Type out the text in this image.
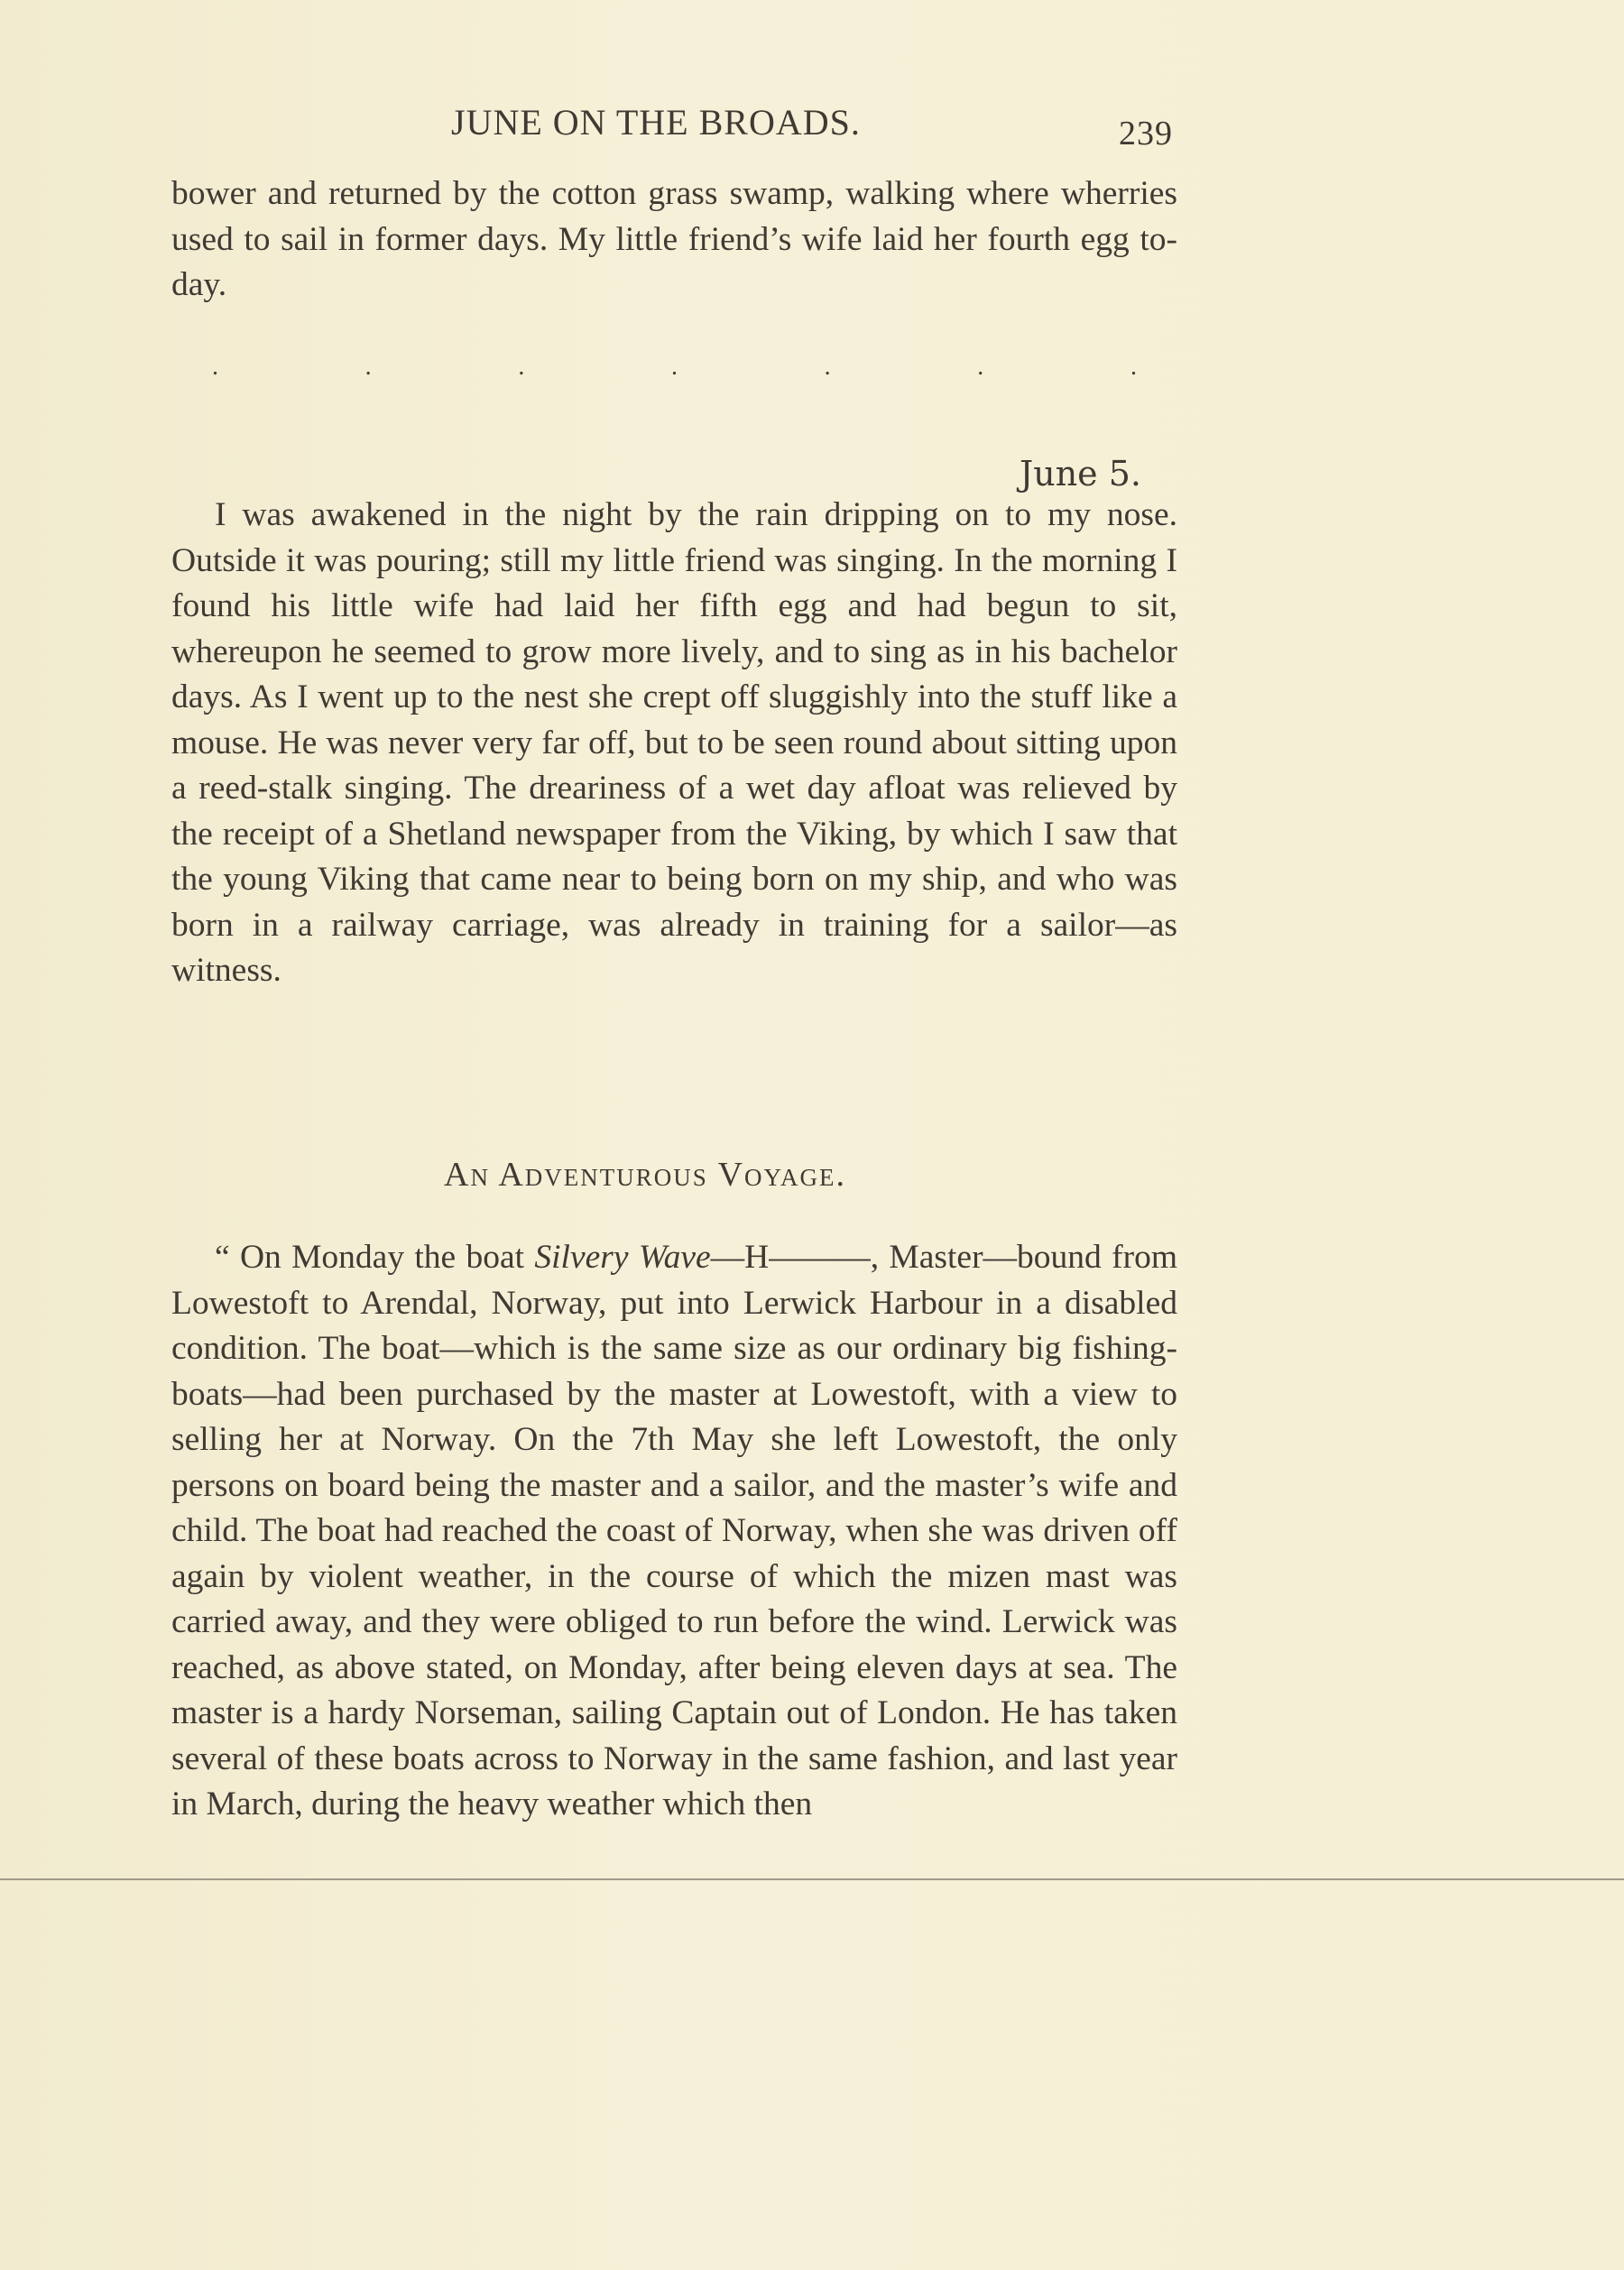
JUNE ON THE BROADS.	239

bower and returned by the cotton grass swamp, walking where wherries used to sail in former days. My little friend’s wife laid her fourth egg to-day.

.	.	.	.	.	.	.
June 5.

I was awakened in the night by the rain dripping on to my nose. Outside it was pouring; still my little friend was singing. In the morning I found his little wife had laid her fifth egg and had begun to sit, whereupon he seemed to grow more lively, and to sing as in his bachelor days. As I went up to the nest she crept off sluggishly into the stuff like a mouse. He was never very far off, but to be seen round about sitting upon a reed-stalk singing. The dreariness of a wet day afloat was relieved by the receipt of a Shetland newspaper from the Viking, by which I saw that the young Viking that came near to being born on my ship, and who was born in a railway carriage, was already in training for a sailor—as witness.

An Adventurous Voyage.

“ On Monday the boat Silvery Wave—H———, Master—bound from Lowestoft to Arendal, Norway, put into Lerwick Harbour in a disabled condition. The boat—which is the same size as our ordinary big fishing-boats—had been purchased by the master at Lowestoft, with a view to selling her at Norway. On the 7th May she left Lowestoft, the only persons on board being the master and a sailor, and the master’s wife and child. The boat had reached the coast of Norway, when she was driven off again by violent weather, in the course of which the mizen mast was carried away, and they were obliged to run before the wind. Lerwick was reached, as above stated, on Monday, after being eleven days at sea. The master is a hardy Norseman, sailing Captain out of London. He has taken several of these boats across to Norway in the same fashion, and last year in March, during the heavy weather which then
